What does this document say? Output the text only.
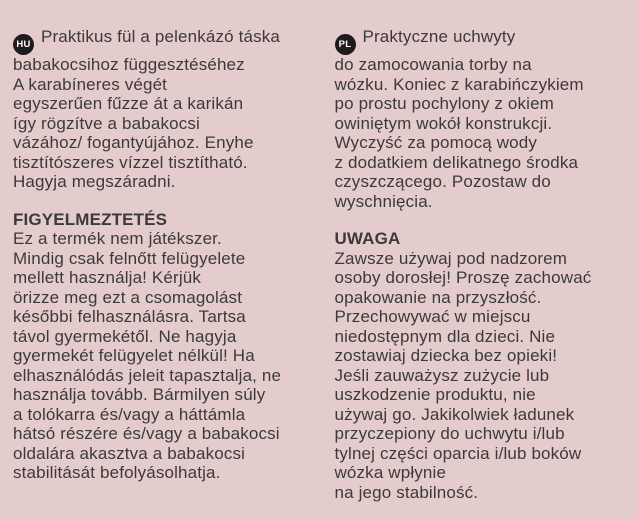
HU Praktikus fül a pelenkázó táska
babakocsihoz függesztéséhez
A karabíneres végét
egyszerűen fűzze át a karikán
így rögzítve a babakocsi
vázához/ fogantyújához. Enyhe
tisztítószeres vízzel tisztítható.
Hagyja megszáradni.
FIGYELMEZTETÉS
Ez a termék nem játékszer.
Mindig csak felnőtt felügyelete
mellett használja! Kérjük
örizze meg ezt a csomagolást
későbbi felhasználásra. Tartsa
távol gyermekétől. Ne hagyja
gyermekét felügyelet nélkül! Ha
elhasználódás jeleit tapasztalja, ne
használja tovább. Bármilyen súly
a tolókarra és/vagy a háttámla
hátsó részére és/vagy a babakocsi
oldalára akasztva a babakocsi
stabilitását befolyásolhatja.
PL Praktyczne uchwyty
do zamocowania torby na
wózku. Koniec z karabińczykiem
po prostu pochylony z okiem
owiniętym wokół konstrukcji.
Wyczyść za pomocą wody
z dodatkiem delikatnego środka
czyszczącego. Pozostaw do
wyschnięcia.
UWAGA
Zawsze używaj pod nadzorem
osoby dorosłej! Proszę zachować
opakowanie na przyszłość.
Przechowywać w miejscu
niedostępnym dla dzieci. Nie
zostawiaj dziecka bez opieki!
Jeśli zauważysz zużycie lub
uszkodzenie produktu, nie
używaj go. Jakikolwiek ładunek
przyczepiony do uchwytu i/lub
tylnej części oparcia i/lub boków
wózka wpłynie
na jego stabilność.
